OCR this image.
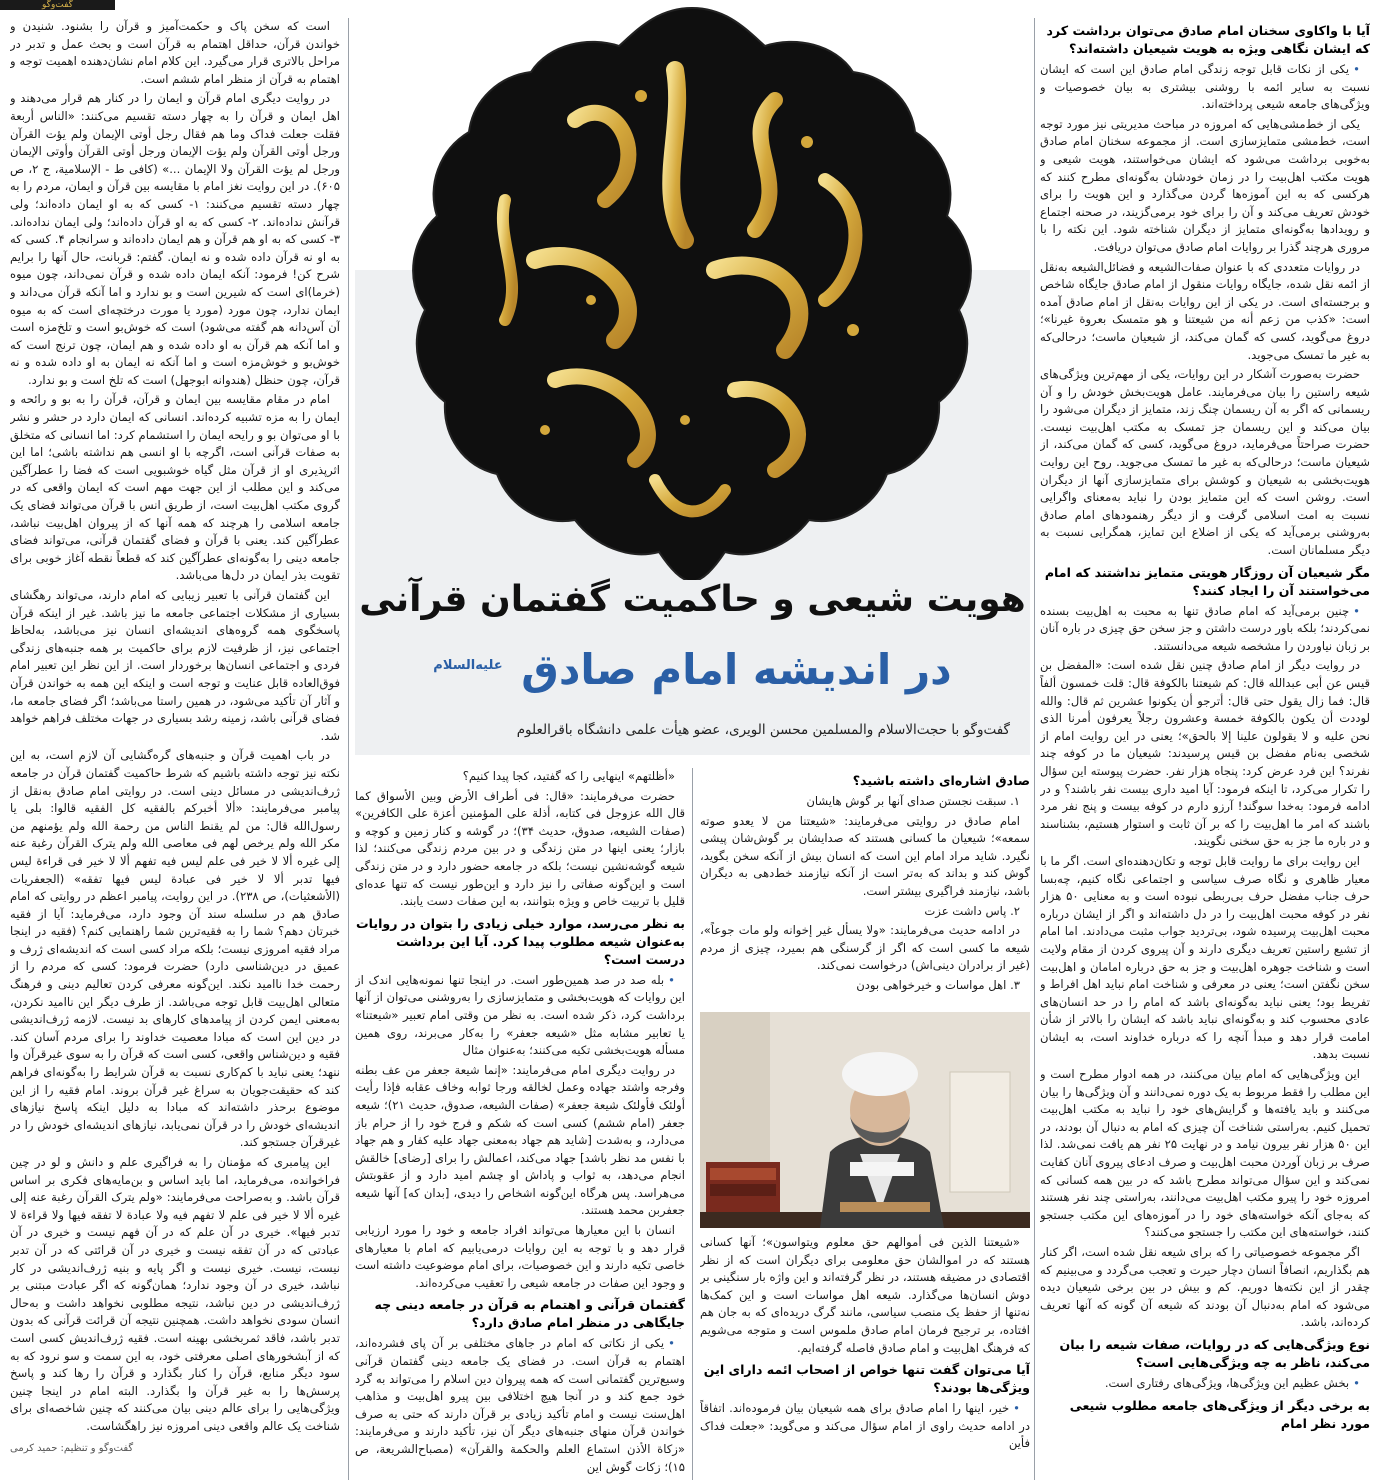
گفت‌وگو
آیا با واکاوی سخنان امام صادق می‌توان برداشت کرد که ایشان نگاهی ویژه به هویت شیعیان داشته‌اند؟

• یکی از نکات قابل توجه زندگی امام صادق این است که ایشان نسبت به سایر ائمه با روشنی بیشتری به بیان خصوصیات و ویژگی‌های جامعه شیعی پرداخته‌اند.

یکی از خط‌مشی‌هایی که امروزه در مباحث مدیریتی نیز مورد توجه است، خط‌مشی متمایزسازی است. از مجموعه سخنان امام صادق به‌خوبی برداشت می‌شود که ایشان می‌خواستند، هویت شیعی و هویت مکتب اهل‌بیت را در زمان خودشان به‌گونه‌ای مطرح کنند که هرکسی که به این آموزه‌ها گردن می‌گذارد و این هویت را برای خودش تعریف می‌کند و آن را برای خود برمی‌گزیند، در صحنه اجتماع و رویدادها به‌گونه‌ای متمایز از دیگران شناخته شود. این نکته را با مروری هرچند گذرا بر روایات امام صادق می‌توان دریافت.

در روایات متعددی که با عنوان صفات‌الشیعه و فضائل‌الشیعه به‌نقل از ائمه نقل شده، جایگاه روایات منقول از امام صادق جایگاه شاخص و برجسته‌ای است. در یکی از این روایات به‌نقل از امام صادق آمده است: «کذب من زعم أنه من شیعتنا و هو متمسک بعروة غیرنا»؛ دروغ می‌گوید، کسی که گمان می‌کند، از شیعیان ماست؛ درحالی‌که به غیر ما تمسک می‌جوید.

حضرت به‌صورت آشکار در این روایات، یکی از مهم‌ترین ویژگی‌های شیعه راستین را بیان می‌فرمایند. عامل هویت‌بخش خودش را و آن ریسمانی که اگر به آن ریسمان چنگ زند، متمایز از دیگران می‌شود را بیان می‌کند و این ریسمان جز تمسک به مکتب اهل‌بیت نیست. حضرت صراحتاً می‌فرماید، دروغ می‌گوید، کسی که گمان می‌کند، از شیعیان ماست؛ درحالی‌که به غیر ما تمسک می‌جوید. روح این روایت هویت‌بخشی به شیعیان و کوشش برای متمایزسازی آنها از دیگران است. روشن است که این متمایز بودن را نباید به‌معنای واگرایی نسبت به امت اسلامی گرفت و از دیگر رهنمودهای امام صادق به‌روشنی برمی‌آید که یکی از اضلاع این تمایز، همگرایی نسبت به دیگر مسلمانان است.

مگر شیعیان آن روزگار هویتی متمایز نداشتند که امام می‌خواستند آن را ایجاد کنند؟

• چنین برمی‌آید که امام صادق تنها به محبت به اهل‌بیت بسنده نمی‌کردند؛ بلکه باور درست داشتن و جز سخن حق چیزی در باره آنان بر زبان نیاوردن را مشخصه شیعه می‌دانستند.

در روایت دیگر از امام صادق چنین نقل شده است: «المفضل بن قیس عن أبی عبدالله قال: کم شیعتنا بالکوفة قال: قلت خمسون ألفاً قال: فما زال یقول حتی قال: أترجو أن یکونوا عشرین ثم قال: والله لوددت أن یکون بالکوفة خمسة وعشرون رجلاً یعرفون أمرنا الذی نحن علیه و لا یقولون علینا إلا بالحق»؛ یعنی در این روایت امام از شخصی به‌نام مفضل بن قیس پرسیدند: شیعیان ما در کوفه چند نفرند؟ این فرد عرض کرد: پنجاه هزار نفر. حضرت پیوسته این سؤال را تکرار می‌کرد، تا اینکه فرمود: آیا امید داری بیست نفر باشند؟ و در ادامه فرمود: به‌خدا سوگند! آرزو دارم در کوفه بیست و پنج نفر مرد باشند که امر ما اهل‌بیت را که بر آن ثابت و استوار هستیم، بشناسند و در باره ما جز به حق سخنی نگویند.

این روایت برای ما روایت قابل توجه و تکان‌دهنده‌ای است. اگر ما با معیار ظاهری و نگاه صرف سیاسی و اجتماعی نگاه کنیم، چه‌بسا حرف جناب مفضل حرف بی‌ربطی نبوده است و به معنایی ۵۰ هزار نفر در کوفه محبت اهل‌بیت را در دل داشته‌اند و اگر از ایشان درباره محبت اهل‌بیت پرسیده شود، بی‌تردید جواب مثبت می‌دادند. اما امام از تشیع راستین تعریف دیگری دارند و آن پیروی کردن از مقام ولایت است و شناخت جوهره اهل‌بیت و جز به حق درباره امامان و اهل‌بیت سخن نگفتن است؛ یعنی در معرفی و شناخت امام نباید اهل افراط و تفریط بود؛ یعنی نباید به‌گونه‌ای باشد که امام را در حد انسان‌های عادی محسوب کند و به‌گونه‌ای نباید باشد که ایشان را بالاتر از شأن امامت قرار دهد و مبدأ آنچه را که درباره خداوند است، به ایشان نسبت بدهد.

این ویژگی‌هایی که امام بیان می‌کنند، در همه ادوار مطرح است و این مطلب را فقط مربوط به یک دوره نمی‌دانند و آن ویژگی‌ها را بیان می‌کنند و باید یافته‌ها و گرایش‌های خود را نباید به مکتب اهل‌بیت تحمیل کنیم. به‌راستی شناخت آن چیزی که امام به دنبال آن بودند، در این ۵۰ هزار نفر بیرون نیامد و در نهایت ۲۵ نفر هم یافت نمی‌شد. لذا صرف بر زبان آوردن محبت اهل‌بیت و صرف ادعای پیروی آنان کفایت نمی‌کند و این سؤال می‌تواند مطرح باشد که در بین همه کسانی که امروزه خود را پیرو مکتب اهل‌بیت می‌دانند، به‌راستی چند نفر هستند که به‌جای آنکه خواسته‌های خود را در آموزه‌های این مکتب جستجو کنند، خواسته‌های این مکتب را جستجو می‌کنند؟

اگر مجموعه خصوصیاتی را که برای شیعه نقل شده است، اگر کنار هم بگذاریم، انصافاً انسان دچار حیرت و تعجب می‌گردد و می‌بینیم که چقدر از این نکته‌ها دوریم. کم و بیش در بین برخی شیعیان دیده می‌شود که امام به‌دنبال آن بودند که شیعه آن گونه که آنها تعریف کرده‌اند، باشد.

نوع ویژگی‌هایی که در روایات، صفات شیعه را بیان می‌کند، ناظر به چه ویژگی‌هایی است؟

• بخش عظیم این ویژگی‌ها، ویژگی‌های رفتاری است.

به برخی دیگر از ویژگی‌های جامعه مطلوب شیعی مورد نظر امام
هویت شیعی و حاکمیت گفتمان قرآنی
در اندیشه امام صادق $^{علیه‌السلام}$
گفت‌وگو با حجت‌الاسلام والمسلمین محسن الویری، عضو هیأت علمی دانشگاه باقرالعلوم
صادق اشاره‌ای داشته باشید؟

۱. سبقت نجستن صدای آنها بر گوش هایشان

امام صادق در روایتی می‌فرمایند: «شیعتنا من لا یعدو صوته سمعه»؛ شیعیان ما کسانی هستند که صدایشان بر گوش‌شان پیشی نگیرد. شاید مراد امام این است که انسان بیش از آنکه سخن بگوید، گوش کند و بداند که به‌تر است از آنکه نیازمند خط‌دهی به دیگران باشد، نیازمند فراگیری بیشتر است.

۲. پاس داشت عزت

در ادامه حدیث می‌فرمایند: «ولا یسأل غیر إخوانه ولو مات جوعاً»، شیعه ما کسی است که اگر از گرسنگی هم بمیرد، چیزی از مردم (غیر از برادران دینی‌اش) درخواست نمی‌کند.

۳. اهل مواسات و خیرخواهی بودن

«شیعتنا الذین فی أموالهم حق معلوم ویتواسون»؛ آنها کسانی هستند که در اموالشان حق معلومی برای دیگران است که از نظر اقتصادی در مضیقه هستند، در نظر گرفته‌اند و این واژه بار سنگینی بر دوش انسان‌ها می‌گذارد. شیعه اهل مواسات است و این کمک‌ها نه‌تنها از حفظ یک منصب سیاسی، مانند گرگ دریده‌ای که به جان هم افتاده، بر ترجیح فرمان امام صادق ملموس است و متوجه می‌شویم که فرهنگ اهل‌بیت و امام صادق فاصله گرفته‌ایم.

آیا می‌توان گفت تنها خواص از اصحاب ائمه دارای این ویژگی‌ها بودند؟

• خیر، اینها را امام صادق برای همه شیعیان بیان فرموده‌اند. اتفاقاً در ادامه حدیث راوی از امام سؤال می‌کند و می‌گوید: «جعلت فداک فأین

«أظلتهم» اینهایی را که گفتید، کجا پیدا کنیم؟

حضرت می‌فرمایند: «قال: فی أطراف الأرض وبین الأسواق کما قال الله عزوجل فی کتابه، أذلة علی المؤمنین أعزة علی الکافرین» (صفات الشیعه، صدوق، حدیث ۳۴)؛ در گوشه و کنار زمین و کوچه و بازار؛ یعنی اینها در متن زندگی و در بین مردم زندگی می‌کنند؛ لذا شیعه گوشه‌نشین نیست؛ بلکه در جامعه حضور دارد و در متن زندگی است و این‌گونه صفاتی را نیز دارد و این‌طور نیست که تنها عده‌ای قلیل با تربیت خاص و ویژه بتوانند، به این صفات دست یابند.

به نظر می‌رسد، موارد خیلی زیادی را بتوان در روایات به‌عنوان شیعه مطلوب پیدا کرد. آیا این برداشت درست است؟

• بله صد در صد همین‌طور است. در اینجا تنها نمونه‌هایی اندک از این روایات که هویت‌بخشی و متمایزسازی را به‌روشنی می‌توان از آنها برداشت کرد، ذکر شده است. به نظر من وقتی امام تعبیر «شیعتنا» یا تعابیر مشابه مثل «شیعه جعفر» را به‌کار می‌برند، روی همین مسأله هویت‌بخشی تکیه می‌کنند؛ به‌عنوان مثال

در روایت دیگری امام می‌فرمایند: «إنما شیعة جعفر من عف بطنه وفرجه واشتد جهاده وعمل لخالقه ورجا ثوابه وخاف عقابه فإذا رأیت أولئک فأولئک شیعة جعفر» (صفات الشیعه، صدوق، حدیث ۲۱)؛ شیعه جعفر (امام ششم) کسی است که شکم و فرج خود را از حرام باز می‌دارد، و به‌شدت [شاید هم جهاد به‌معنی جهاد علیه کفار و هم جهاد با نفس مد نظر باشد] جهاد می‌کند، اعمالش را برای [رضای] خالقش انجام می‌دهد، به ثواب و پاداش او چشم امید دارد و از عقوبتش می‌هراسد. پس هرگاه این‌گونه اشخاص را دیدی، [بدان که] آنها شیعه جعفربن محمد هستند.

انسان با این معیارها می‌تواند افراد جامعه و خود را مورد ارزیابی قرار دهد و با توجه به این روایات درمی‌یابیم که امام با معیارهای خاصی تکیه دارند و این خصوصیات، برای امام موضوعیت داشته است و وجود این صفات در جامعه شیعی را تعقیب می‌کرده‌اند.

گفتمان قرآنی و اهتمام به قرآن در جامعه دینی چه جایگاهی در منظر امام صادق دارد؟

• یکی از نکاتی که امام در جاهای مختلفی بر آن پای فشرده‌اند، اهتمام به قرآن است. در فضای یک جامعه دینی گفتمان قرآنی وسیع‌ترین گفتمانی است که همه پیروان دین اسلام را می‌تواند به گرد خود جمع کند و در آنجا هیچ اختلافی بین پیرو اهل‌بیت و مذاهب اهل‌سنت نیست و امام تأکید زیادی بر قرآن دارند که حتی به صرف خواندن قرآن منهای جنبه‌های دیگر آن نیز، تأکید دارند و می‌فرمایند: «زکاة الأذن استماع العلم والحکمة والقرآن» (مصباح‌الشریعة، ص ۱۵)؛ زکات گوش این

است که سخن پاک و حکمت‌آمیز و قرآن را بشنود. شنیدن و خواندن قرآن، حداقل اهتمام به قرآن است و بحث عمل و تدبر در مراحل بالاتری قرار می‌گیرد. این کلام امام نشان‌دهنده اهمیت توجه و اهتمام به قرآن از منظر امام ششم است.

در روایت دیگری امام قرآن و ایمان را در کنار هم قرار می‌دهند و اهل ایمان و قرآن را به چهار دسته تقسیم می‌کنند: «الناس أربعة فقلت جعلت فداک وما هم فقال رجل أوتی الإیمان ولم یؤت القرآن ورجل أوتی القرآن ولم یؤت الإیمان ورجل أوتی القرآن وأوتی الإیمان ورجل لم یؤت القرآن ولا الإیمان ...» (کافی ط - الإسلامیة، ج ۲، ص ۶۰۵). در این روایت نغز امام با مقایسه بین قرآن و ایمان، مردم را به چهار دسته تقسیم می‌کنند: ۱- کسی که به او ایمان داده‌اند؛ ولی قرآنش نداده‌اند. ۲- کسی که به او قرآن داده‌اند؛ ولی ایمان نداده‌اند. ۳- کسی که به او هم قرآن و هم ایمان داده‌اند و سرانجام ۴. کسی که به او نه قرآن داده شده و نه ایمان. گفتم: قربانت، حال آنها را برایم شرح کن! فرمود: آنکه ایمان داده شده و قرآن نمی‌داند، چون میوه (خرما)‌ای است که شیرین است و بو ندارد و اما آنکه قرآن می‌داند و ایمان ندارد، چون مورد (مورد یا مورت درختچه‌ای است که به میوه آن آس‌دانه هم گفته می‌شود) است که خوش‌بو است و تلخ‌مزه است و اما آنکه هم قرآن به او داده شده و هم ایمان، چون ترنج است که خوش‌بو و خوش‌مزه است و اما آنکه نه ایمان به او داده شده و نه قرآن، چون حنظل (هندوانه ابوجهل) است که تلخ است و بو ندارد.

امام در مقام مقایسه بین ایمان و قرآن، قرآن را به بو و رائحه و ایمان را به مزه تشبیه کرده‌اند. انسانی که ایمان دارد در حشر و نشر با او می‌توان بو و رایحه ایمان را استشمام کرد: اما انسانی که متخلق به صفات قرآنی است، اگرچه با او انسی هم نداشته باشی؛ اما این اثرپذیری او از قرآن مثل گیاه خوشبویی است که فضا را عطرآگین می‌کند و این مطلب از این جهت مهم است که ایمان واقعی که در گروی مکتب اهل‌بیت است، از طریق انس با قرآن می‌تواند فضای یک جامعه اسلامی را هرچند که همه آنها که از پیروان اهل‌بیت نباشد، عطرآگین کند. یعنی با قرآن و فضای گفتمان قرآنی، می‌تواند فضای جامعه دینی را به‌گونه‌ای عطرآگین کند که قطعاً نقطه آغاز خوبی برای تقویت بذر ایمان در دل‌ها می‌باشد.

این گفتمان قرآنی با تعبیر زیبایی که امام دارند، می‌تواند رهگشای بسیاری از مشکلات اجتماعی جامعه ما نیز باشد. غیر از اینکه قرآن پاسخگوی همه گروه‌های اندیشه‌ای انسان نیز می‌باشد، به‌لحاظ اجتماعی نیز، از ظرفیت لازم برای حاکمیت بر همه جنبه‌های زندگی فردی و اجتماعی انسان‌ها برخوردار است. از این نظر این تعبیر امام فوق‌العاده قابل عنایت و توجه است و اینکه این همه به خواندن قرآن و آثار آن تأکید می‌شود، در همین راستا می‌باشد؛ اگر فضای جامعه ما، فضای قرآنی باشد، زمینه رشد بسیاری در جهات مختلف فراهم خواهد شد.

در باب اهمیت قرآن و جنبه‌های گره‌گشایی آن لازم است، به این نکته نیز توجه داشته باشیم که شرط حاکمیت گفتمان قرآن در جامعه ژرف‌اندیشی در مسائل دینی است. در روایتی امام صادق به‌نقل از پیامبر می‌فرمایند: «ألا أخبرکم بالفقیه کل الفقیه قالوا: بلی یا رسول‌الله قال: من لم یقنط الناس من رحمة الله ولم یؤمنهم من مکر الله ولم یرخص لهم فی معاصی الله ولم یترک القرآن رغبة عنه إلی غیره ألا لا خیر فی علم لیس فیه تفهم ألا لا خیر فی قراءة لیس فیها تدبر ألا لا خیر فی عبادة لیس فیها تفقه» (الجعفریات (الأشعثیات)، ص ۲۳۸). در این روایت، پیامبر اعظم در روایتی که امام صادق هم در سلسله سند آن وجود دارد، می‌فرماید: آیا از فقیه خبرتان دهم؟ شما را به فقیه‌ترین شما راهنمایی کنم؟ (فقیه در اینجا مراد فقیه امروزی نیست؛ بلکه مراد کسی است که اندیشه‌ای ژرف و عمیق در دین‌شناسی دارد) حضرت فرمود: کسی که مردم را از رحمت خدا ناامید نکند. این‌گونه معرفی کردن تعالیم دینی و فرهنگ متعالی اهل‌بیت قابل توجه می‌باشد. از طرف دیگر این ناامید نکردن، به‌معنی ایمن کردن از پیامدهای کارهای بد نیست. لازمه ژرف‌اندیشی در دین این است که مبادا معصیت خداوند را برای مردم آسان کند. فقیه و دین‌شناس واقعی، کسی است که قرآن را به سوی غیرقرآن وا ننهد؛ یعنی نباید با کم‌کاری نسبت به قرآن شرایط را به‌گونه‌ای فراهم کند که حقیقت‌جویان به سراغ غیر قرآن بروند. امام فقیه را از این موضوع برحذر داشته‌اند که مبادا به دلیل اینکه پاسخ نیازهای اندیشه‌ای خودش را در قرآن نمی‌یابد، نیازهای اندیشه‌ای خودش را در غیرقرآن جستجو کند.

این پیامبری که مؤمنان را به فراگیری علم و دانش و لو در چین فراخوانده، می‌فرماید، اما باید اساس و بن‌مایه‌های فکری بر اساس قرآن باشد. و به‌صراحت می‌فرمایند: «ولم یترک القرآن رغبة عنه إلی غیره ألا لا خیر فی علم لا تفهم فیه ولا عبادة لا تفقه فیها ولا قراءة لا تدبر فیها». خیری در آن علم که در آن فهم نیست و خیری در آن عبادتی که در آن تفقه نیست و خیری در آن قرائتی که در آن تدبر نیست، نیست. خیری نیست و اگر پایه و بنیه ژرف‌اندیشی در کار نباشد، خیری در آن وجود ندارد؛ همان‌گونه که اگر عبادت مبتنی بر ژرف‌اندیشی در دین نباشد، نتیجه مطلوبی نخواهد داشت و به‌حال انسان سودی نخواهد داشت. همچنین نتیجه آن قرائت قرآنی که بدون تدبر باشد، فاقد ثمربخشی بهینه است. فقیه ژرف‌اندیش کسی است که از آبشخورهای اصلی معرفتی خود، به این سمت و سو نرود که به سود دیگر منابع، قرآن را کنار بگذارد و قرآن را رها کند و پاسخ پرسش‌ها را به غیر قرآن وا بگذارد. البته امام در اینجا چنین ویژگی‌هایی را برای عالم دینی بیان می‌کنند که چنین شاخصه‌ای برای شناخت یک عالم واقعی دینی امروزه نیز راهگشاست.

گفت‌وگو و تنظیم: حمید کرمی
